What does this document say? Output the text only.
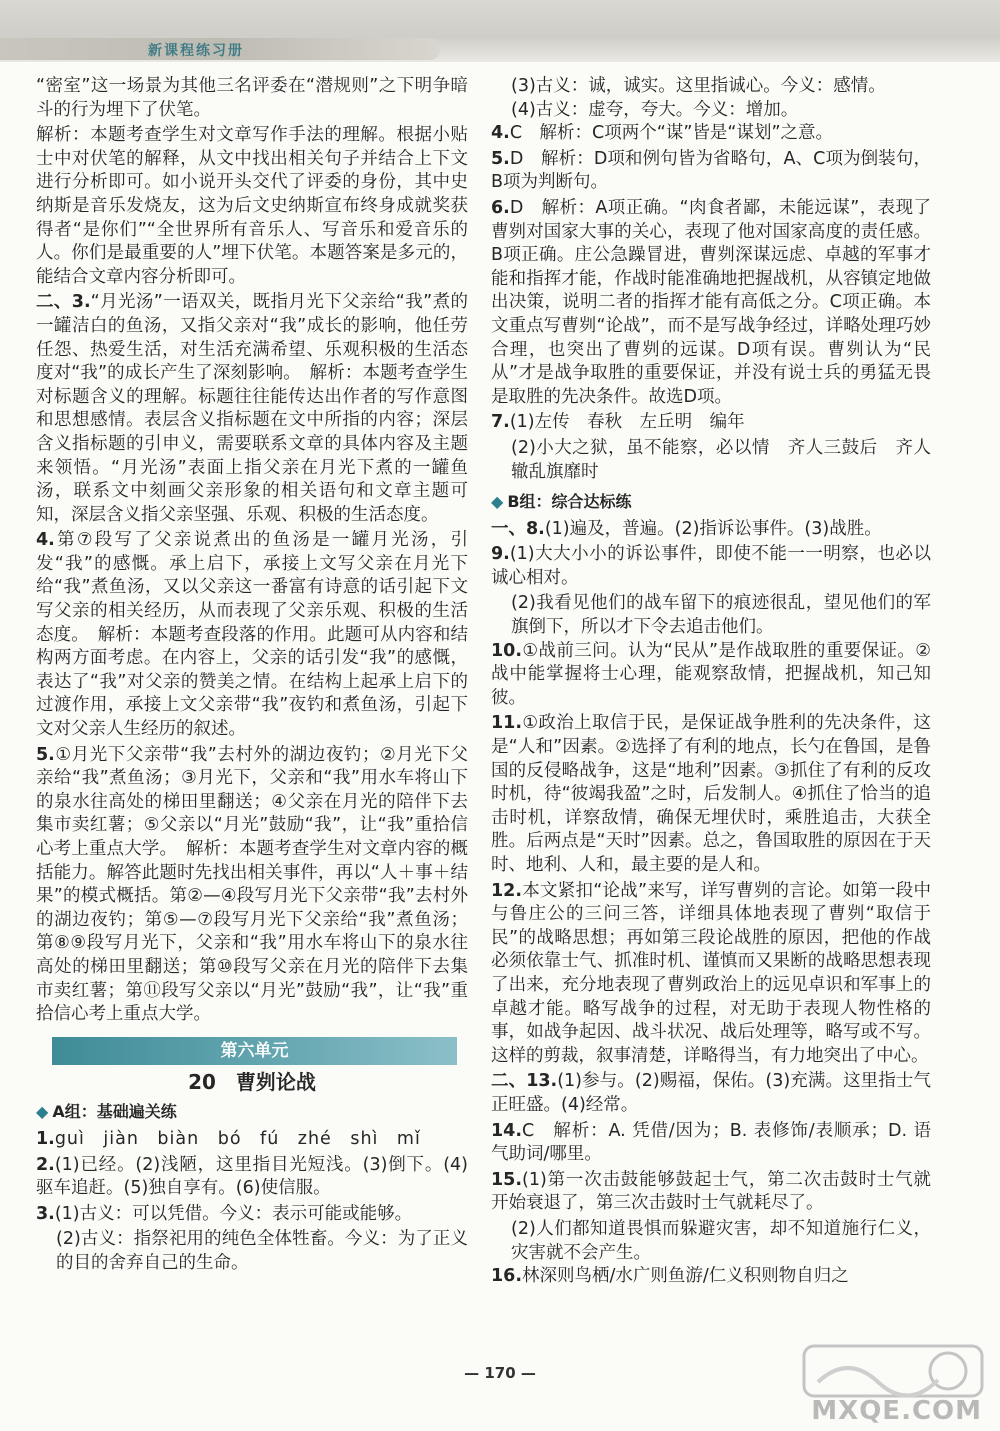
新课程练习册
“密室”这一场景为其他三名评委在“潜规则”之下明争暗斗的行为埋下了伏笔。
解析：本题考查学生对文章写作手法的理解。根据小贴士中对伏笔的解释，从文中找出相关句子并结合上下文进行分析即可。如小说开头交代了评委的身份，其中史纳斯是音乐发烧友，这为后文史纳斯宣布终身成就奖获得者“是你们”“全世界所有音乐人、写音乐和爱音乐的人。你们是最重要的人”埋下伏笔。本题答案是多元的，能结合文章内容分析即可。
二、3.“月光汤”一语双关，既指月光下父亲给“我”煮的一罐洁白的鱼汤，又指父亲对“我”成长的影响，他任劳任怨、热爱生活，对生活充满希望、乐观积极的生活态度对“我”的成长产生了深刻影响。　解析：本题考查学生对标题含义的理解。标题往往能传达出作者的写作意图和思想感情。表层含义指标题在文中所指的内容；深层含义指标题的引申义，需要联系文章的具体内容及主题来领悟。“月光汤”表面上指父亲在月光下煮的一罐鱼汤，联系文中刻画父亲形象的相关语句和文章主题可知，深层含义指父亲坚强、乐观、积极的生活态度。
4.第⑦段写了父亲说煮出的鱼汤是一罐月光汤，引发“我”的感慨。承上启下，承接上文写父亲在月光下给“我”煮鱼汤，又以父亲这一番富有诗意的话引起下文写父亲的相关经历，从而表现了父亲乐观、积极的生活态度。　解析：本题考查段落的作用。此题可从内容和结构两方面考虑。在内容上，父亲的话引发“我”的感慨，表达了“我”对父亲的赞美之情。在结构上起承上启下的过渡作用，承接上文父亲带“我”夜钓和煮鱼汤，引起下文对父亲人生经历的叙述。
5.①月光下父亲带“我”去村外的湖边夜钓；②月光下父亲给“我”煮鱼汤；③月光下，父亲和“我”用水车将山下的泉水往高处的梯田里翻送；④父亲在月光的陪伴下去集市卖红薯；⑤父亲以“月光”鼓励“我”，让“我”重拾信心考上重点大学。　解析：本题考查学生对文章内容的概括能力。解答此题时先找出相关事件，再以“人＋事＋结果”的模式概括。第②—④段写月光下父亲带“我”去村外的湖边夜钓；第⑤—⑦段写月光下父亲给“我”煮鱼汤；第⑧⑨段写月光下，父亲和“我”用水车将山下的泉水往高处的梯田里翻送；第⑩段写父亲在月光的陪伴下去集市卖红薯；第⑪段写父亲以“月光”鼓励“我”，让“我”重拾信心考上重点大学。
第六单元
20　曹刿论战
◆ A组：基础遍关练
1.guì　jiàn　biàn　bó　fú　zhé　shì　mǐ
2.(1)已经。(2)浅陋，这里指目光短浅。(3)倒下。(4)驱车追赶。(5)独自享有。(6)使信服。
3.(1)古义：可以凭借。今义：表示可能或能够。
(2)古义：指祭祀用的纯色全体牲畜。今义：为了正义的目的舍弃自己的生命。
(3)古义：诚，诚实。这里指诚心。今义：感情。
(4)古义：虚夸，夸大。今义：增加。
4.C　解析：C项两个“谋”皆是“谋划”之意。
5.D　解析：D项和例句皆为省略句，A、C项为倒装句，B项为判断句。
6.D　解析：A项正确。“肉食者鄙，未能远谋”，表现了曹刿对国家大事的关心，表现了他对国家高度的责任感。B项正确。庄公急躁冒进，曹刿深谋远虑、卓越的军事才能和指挥才能，作战时能准确地把握战机，从容镇定地做出决策，说明二者的指挥才能有高低之分。C项正确。本文重点写曹刿“论战”，而不是写战争经过，详略处理巧妙合理，也突出了曹刿的远谋。D项有误。曹刿认为“民从”才是战争取胜的重要保证，并没有说士兵的勇猛无畏是取胜的先决条件。故选D项。
7.(1)左传　春秋　左丘明　编年
(2)小大之狱，虽不能察，必以情　齐人三鼓后　齐人辙乱旗靡时
◆ B组：综合达标练
一、8.(1)遍及，普遍。(2)指诉讼事件。(3)战胜。
9.(1)大大小小的诉讼事件，即使不能一一明察，也必以诚心相对。
(2)我看见他们的战车留下的痕迹很乱，望见他们的军旗倒下，所以才下令去追击他们。
10.①战前三问。认为“民从”是作战取胜的重要保证。②战中能掌握将士心理，能观察敌情，把握战机，知己知彼。
11.①政治上取信于民，是保证战争胜利的先决条件，这是“人和”因素。②选择了有利的地点，长勺在鲁国，是鲁国的反侵略战争，这是“地利”因素。③抓住了有利的反攻时机，待“彼竭我盈”之时，后发制人。④抓住了恰当的追击时机，详察敌情，确保无埋伏时，乘胜追击，大获全胜。后两点是“天时”因素。总之，鲁国取胜的原因在于天时、地利、人和，最主要的是人和。
12.本文紧扣“论战”来写，详写曹刿的言论。如第一段中与鲁庄公的三问三答，详细具体地表现了曹刿“取信于民”的战略思想；再如第三段论战胜的原因，把他的作战必须依靠士气、抓准时机、谨慎而又果断的战略思想表现了出来，充分地表现了曹刿政治上的远见卓识和军事上的卓越才能。略写战争的过程，对无助于表现人物性格的事，如战争起因、战斗状况、战后处理等，略写或不写。这样的剪裁，叙事清楚，详略得当，有力地突出了中心。
二、13.(1)参与。(2)赐福，保佑。(3)充满。这里指士气正旺盛。(4)经常。
14.C　解析：A. 凭借/因为；B. 表修饰/表顺承；D. 语气助词/哪里。
15.(1)第一次击鼓能够鼓起士气，第二次击鼓时士气就开始衰退了，第三次击鼓时士气就耗尽了。
(2)人们都知道畏惧而躲避灾害，却不知道施行仁义，灾害就不会产生。
16.林深则鸟栖/水广则鱼游/仁义积则物自归之
— 170 —
MXQE.COM
